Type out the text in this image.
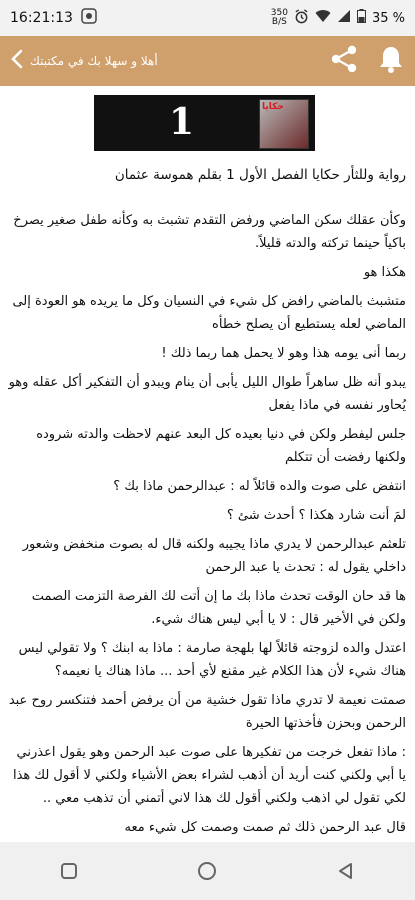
16:21:13	350
B/S	35 %
أهلا و سهلا بك في مكتبتك
1	حكايا

رواية وللثأر حكايا الفصل الأول 1 بقلم هموسة عثمان

وكأن عقلك سكن الماضي ورفض التقدم تشبث به وكأنه طفل صغير يصرخ باكياً حينما تركته والدته قليلاً.

هكذا هو

متشبث بالماضي رافض كل شيء في النسيان وكل ما يريده هو العودة إلى الماضي لعله يستطيع أن يصلح خطأه

ربما أنى يومه هذا وهو لا يحمل هما ربما ذلك !

يبدو أنه ظل ساهراً طوال الليل يأبى أن ينام ويبدو أن التفكير أكل عقله وهو يُحاور نفسه في ماذا يفعل

جلس ليفطر ولكن في دنيا بعيده كل البعد عنهم لاحظت والدته شروده ولكنها رفضت أن تتكلم

انتفض على صوت والده قائلاً له : عبدالرحمن ماذا بك ؟

لمَ أنت شارد هكذا ؟ أحدث شئ ؟

تلعثم عبدالرحمن لا يدري ماذا يجيبه ولكنه قال له بصوت منخفض وشعور داخلي يقول له : تحدث يا عبد الرحمن

ها قد حان الوقت تحدث ماذا بك ما إن أتت لك الفرصة التزمت الصمت ولكن في الأخير قال : لا يا أبي ليس هناك شيء.

اعتدل والده لزوجته قائلاً لها بلهجة صارمة : ماذا به ابنك ؟ ولا تقولي ليس هناك شيء لأن هذا الكلام غير مقنع لأي أحد ... ماذا هناك يا نعيمه؟

صمتت نعيمة لا تدري ماذا تقول خشية من أن يرفض أحمد فتنكسر روح عبد الرحمن وبحزن فأخذتها الحيرة

: ماذا تفعل خرجت من تفكيرها على صوت عبد الرحمن وهو يقول اعذرني يا أبي ولكني كنت أريد أن أذهب لشراء بعض الأشياء ولكني لا أقول لك هذا لكي تقول لي اذهب ولكني أقول لك هذا لاني أتمني أن تذهب معي ..

قال عبد الرحمن ذلك ثم صمت وصمت كل شيء معه
